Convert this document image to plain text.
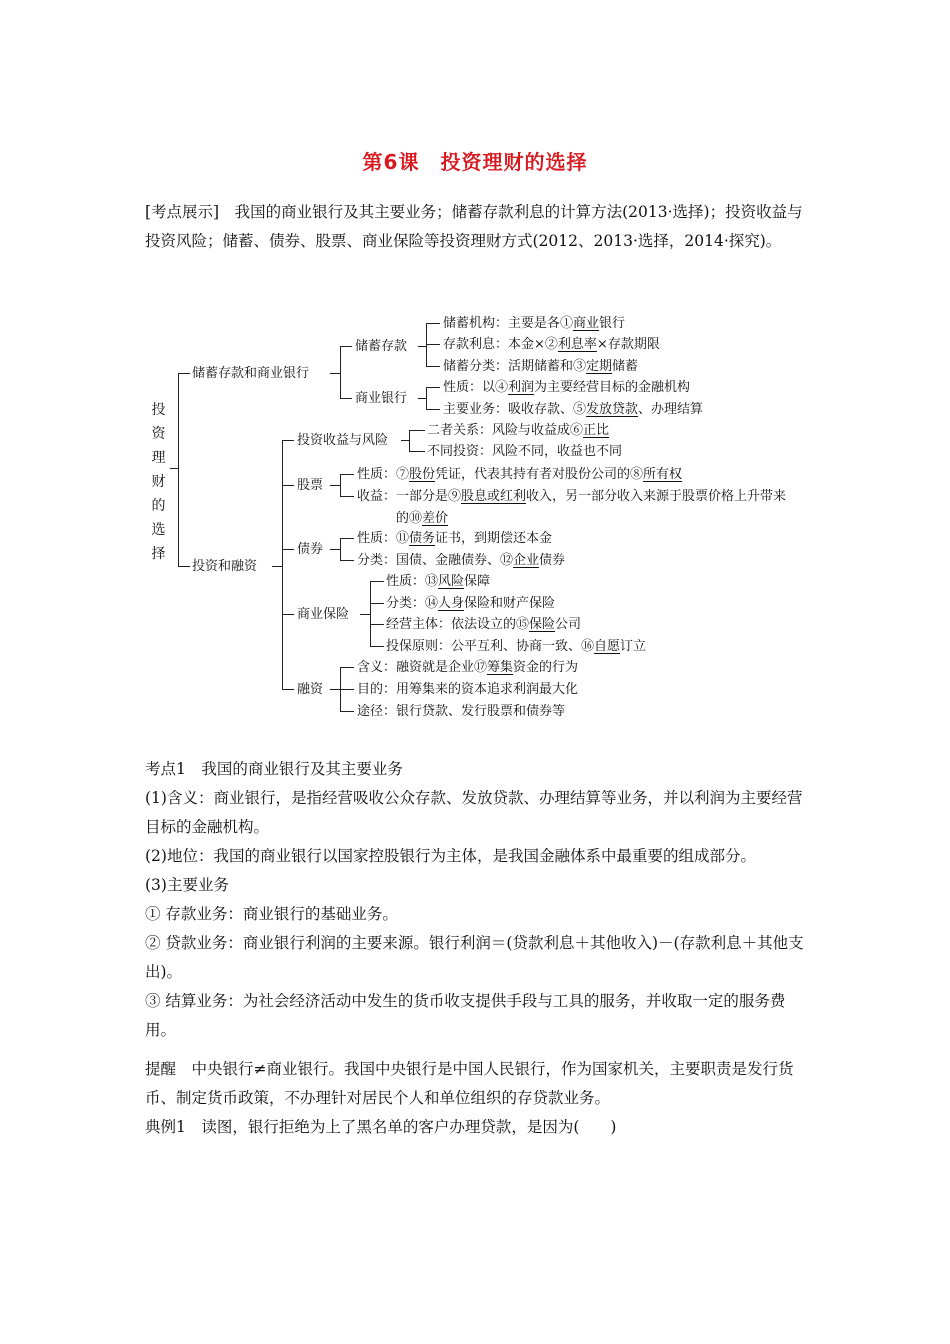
第6课　投资理财的选择
[考点展示]　我国的商业银行及其主要业务；储蓄存款利息的计算方法(2013·选择)；投资收益与投资风险；储蓄、债券、股票、商业保险等投资理财方式(2012、2013·选择，2014·探究)。
投资理财的选择
储蓄存款和商业银行
投资和融资
储蓄存款
商业银行
储蓄机构：主要是各①商业银行
存款利息：本金×②利息率×存款期限
储蓄分类：活期储蓄和③定期储蓄
性质：以④利润为主要经营目标的金融机构
主要业务：吸收存款、⑤发放贷款、办理结算
投资收益与风险
股票
债券
商业保险
融资
二者关系：风险与收益成⑥正比
不同投资：风险不同，收益也不同
性质：⑦股份凭证，代表其持有者对股份公司的⑧所有权
收益：一部分是⑨股息或红利收入，另一部分收入来源于股票价格上升带来
的⑩差价
性质：⑪债务证书，到期偿还本金
分类：国债、金融债券、⑫企业债券
性质：⑬风险保障
分类：⑭人身保险和财产保险
经营主体：依法设立的⑮保险公司
投保原则：公平互利、协商一致、⑯自愿订立
含义：融资就是企业⑰筹集资金的行为
目的：用筹集来的资本追求利润最大化
途径：银行贷款、发行股票和债券等
考点1　我国的商业银行及其主要业务
(1)含义：商业银行，是指经营吸收公众存款、发放贷款、办理结算等业务，并以利润为主要经营目标的金融机构。
(2)地位：我国的商业银行以国家控股银行为主体，是我国金融体系中最重要的组成部分。
(3)主要业务
① 存款业务：商业银行的基础业务。
② 贷款业务：商业银行利润的主要来源。银行利润＝(贷款利息＋其他收入)－(存款利息＋其他支出)。
③ 结算业务：为社会经济活动中发生的货币收支提供手段与工具的服务，并收取一定的服务费用。
提醒　中央银行≠商业银行。我国中央银行是中国人民银行，作为国家机关，主要职责是发行货币、制定货币政策，不办理针对居民个人和单位组织的存贷款业务。
典例1　读图，银行拒绝为上了黑名单的客户办理贷款，是因为(　　)
